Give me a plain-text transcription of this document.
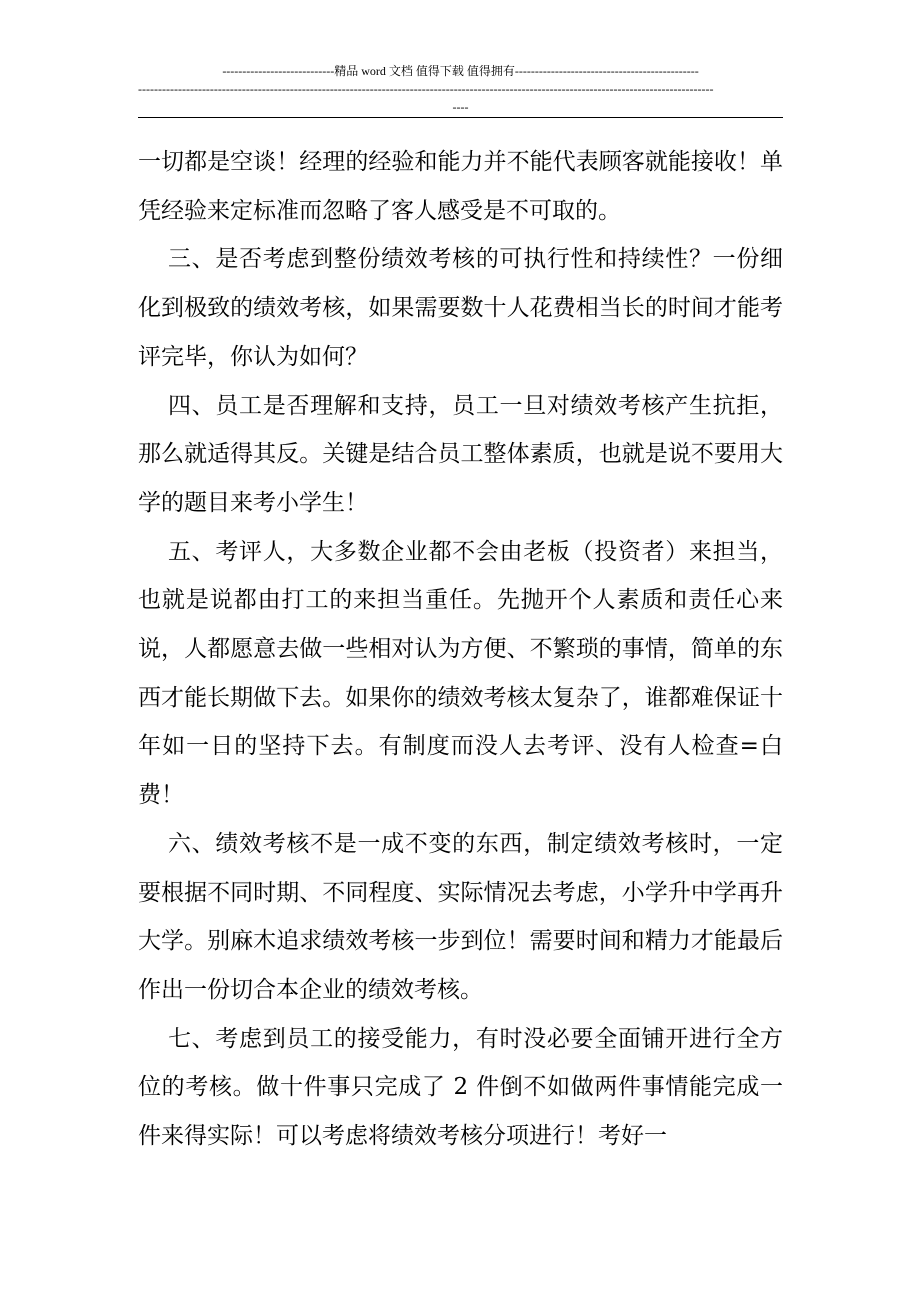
----------------------------精品 word 文档 值得下载 值得拥有----------------------------------------------
------------------------------------------------------------------------------------------------------------------------------------------------
----

一切都是空谈！经理的经验和能力并不能代表顾客就能接收！单凭经验来定标准而忽略了客人感受是不可取的。

三、是否考虑到整份绩效考核的可执行性和持续性？一份细化到极致的绩效考核，如果需要数十人花费相当长的时间才能考评完毕，你认为如何？

四、员工是否理解和支持，员工一旦对绩效考核产生抗拒，那么就适得其反。关键是结合员工整体素质，也就是说不要用大学的题目来考小学生！

五、考评人，大多数企业都不会由老板（投资者）来担当，也就是说都由打工的来担当重任。先抛开个人素质和责任心来说，人都愿意去做一些相对认为方便、不繁琐的事情，简单的东西才能长期做下去。如果你的绩效考核太复杂了，谁都难保证十年如一日的坚持下去。有制度而没人去考评、没有人检查=白费！

六、绩效考核不是一成不变的东西，制定绩效考核时，一定要根据不同时期、不同程度、实际情况去考虑，小学升中学再升大学。别麻木追求绩效考核一步到位！需要时间和精力才能最后作出一份切合本企业的绩效考核。

七、考虑到员工的接受能力，有时没必要全面铺开进行全方位的考核。做十件事只完成了 2 件倒不如做两件事情能完成一件来得实际！可以考虑将绩效考核分项进行！考好一
